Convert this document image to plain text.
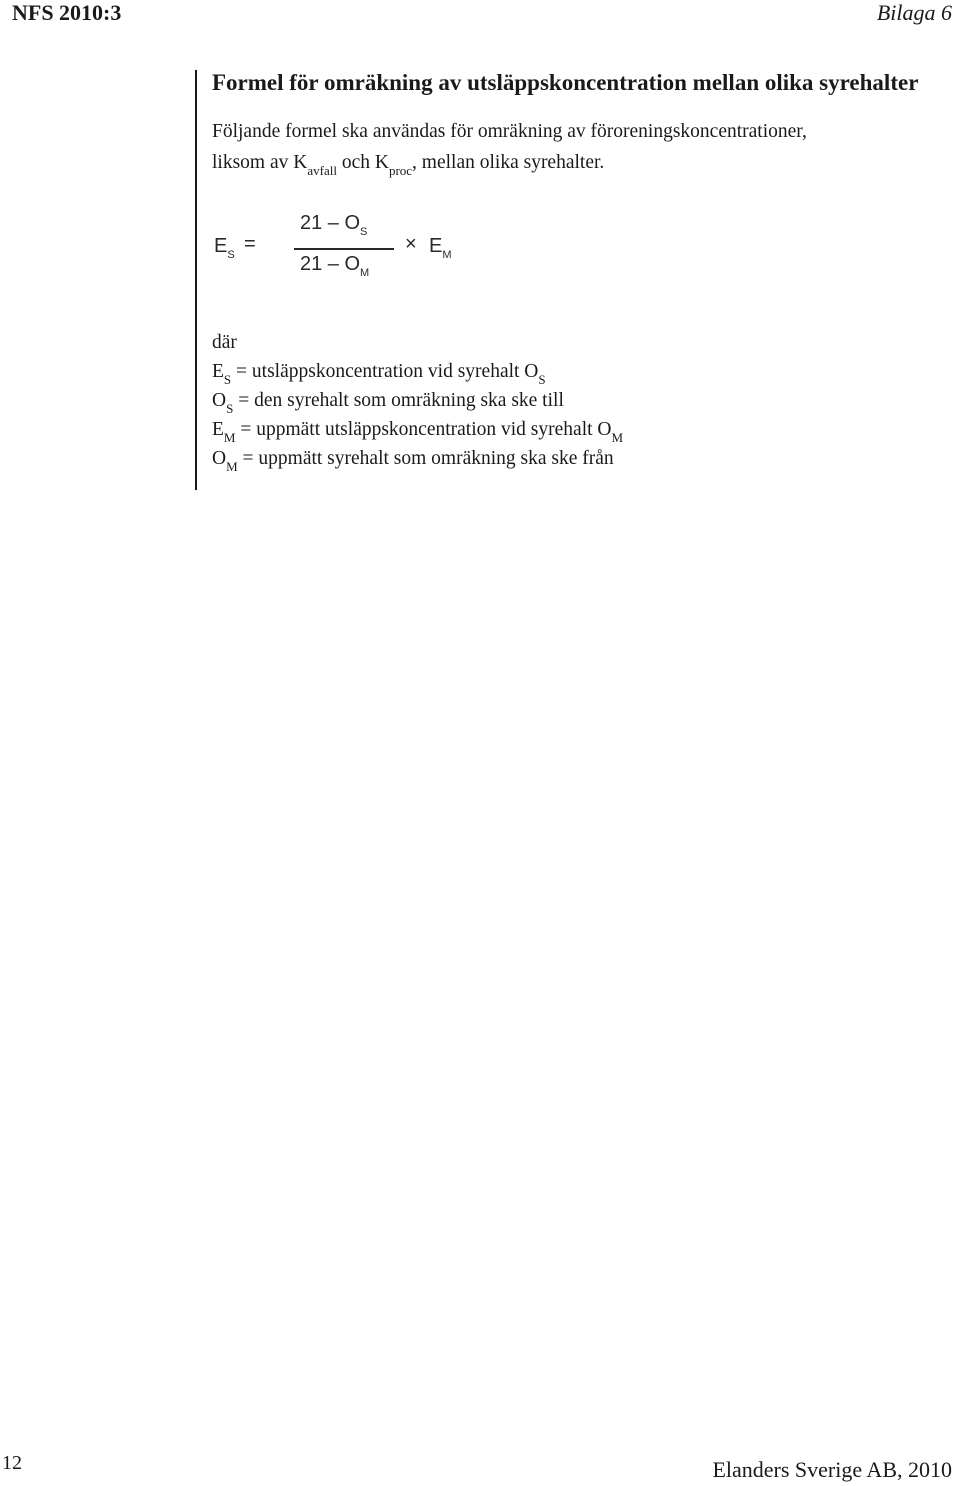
NFS 2010:3	Bilaga 6
Formel för omräkning av utsläppskoncentration mellan olika syrehalter

Följande formel ska användas för omräkning av föroreningskoncentrationer,
liksom av $K_{avfall}$ och $K_{proc}$, mellan olika syrehalter.

$E_S$ =
$21 - O_S$
$21 - O_M$
× $E_M$
där
$E_S$ = utsläppskoncentration vid syrehalt $O_S$
$O_S$ = den syrehalt som omräkning ska ske till
$E_M$ = uppmätt utsläppskoncentration vid syrehalt $O_M$
$O_M$ = uppmätt syrehalt som omräkning ska ske från
12	Elanders Sverige AB, 2010
